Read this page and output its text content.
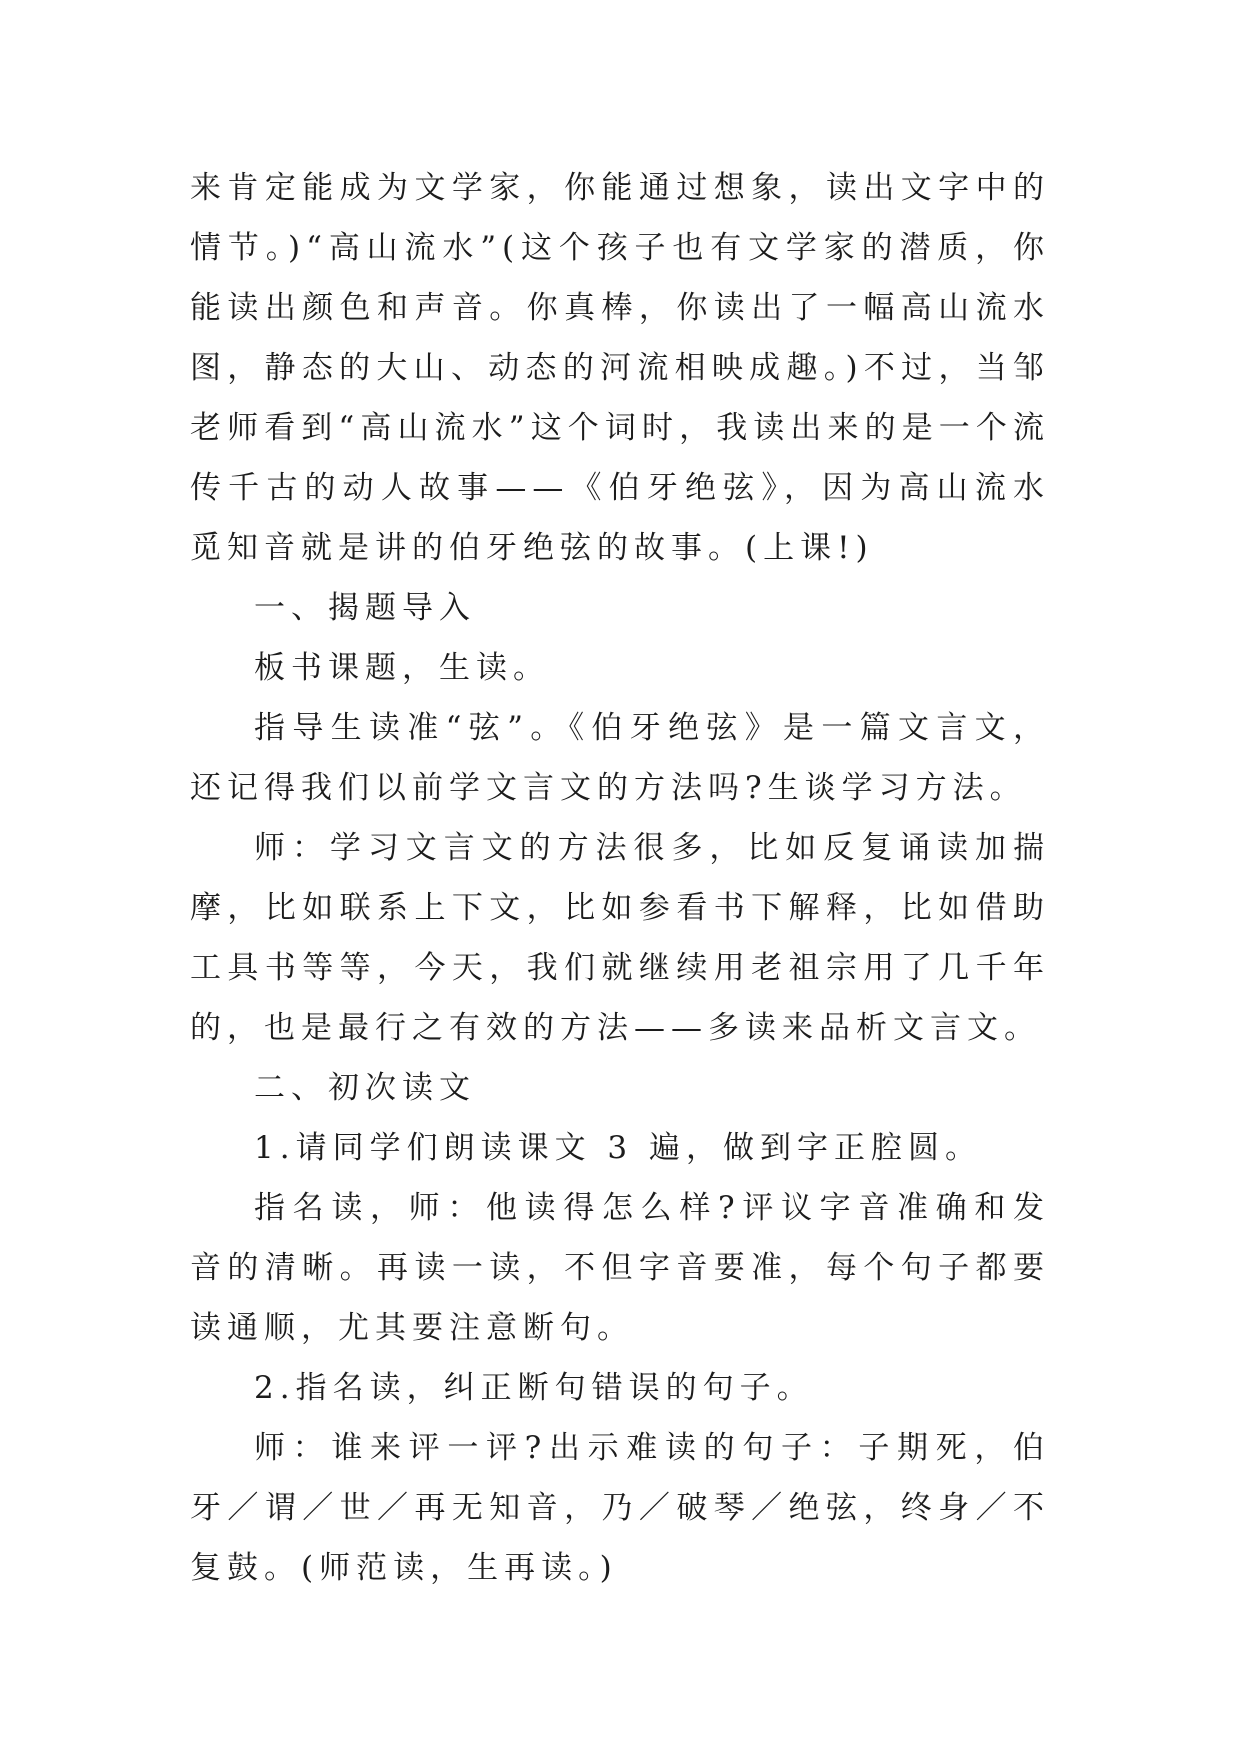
来肯定能成为文学家，你能通过想象，读出文字中的情节。)“高山流水”(这个孩子也有文学家的潜质，你能读出颜色和声音。你真棒，你读出了一幅高山流水图，静态的大山、动态的河流相映成趣。)不过，当邹老师看到“高山流水”这个词时，我读出来的是一个流传千古的动人故事——《伯牙绝弦》，因为高山流水觅知音就是讲的伯牙绝弦的故事。(上课!)

一、揭题导入

板书课题，生读。

指导生读准“弦”。《伯牙绝弦》是一篇文言文，还记得我们以前学文言文的方法吗?生谈学习方法。

师：学习文言文的方法很多，比如反复诵读加揣摩，比如联系上下文，比如参看书下解释，比如借助工具书等等，今天，我们就继续用老祖宗用了几千年的，也是最行之有效的方法——多读来品析文言文。

二、初次读文

1.请同学们朗读课文 3 遍，做到字正腔圆。

指名读，师：他读得怎么样?评议字音准确和发音的清晰。再读一读，不但字音要准，每个句子都要读通顺，尤其要注意断句。

2.指名读，纠正断句错误的句子。

师：谁来评一评?出示难读的句子：子期死，伯牙／谓／世／再无知音，乃／破琴／绝弦，终身／不复鼓。(师范读，生再读。)
